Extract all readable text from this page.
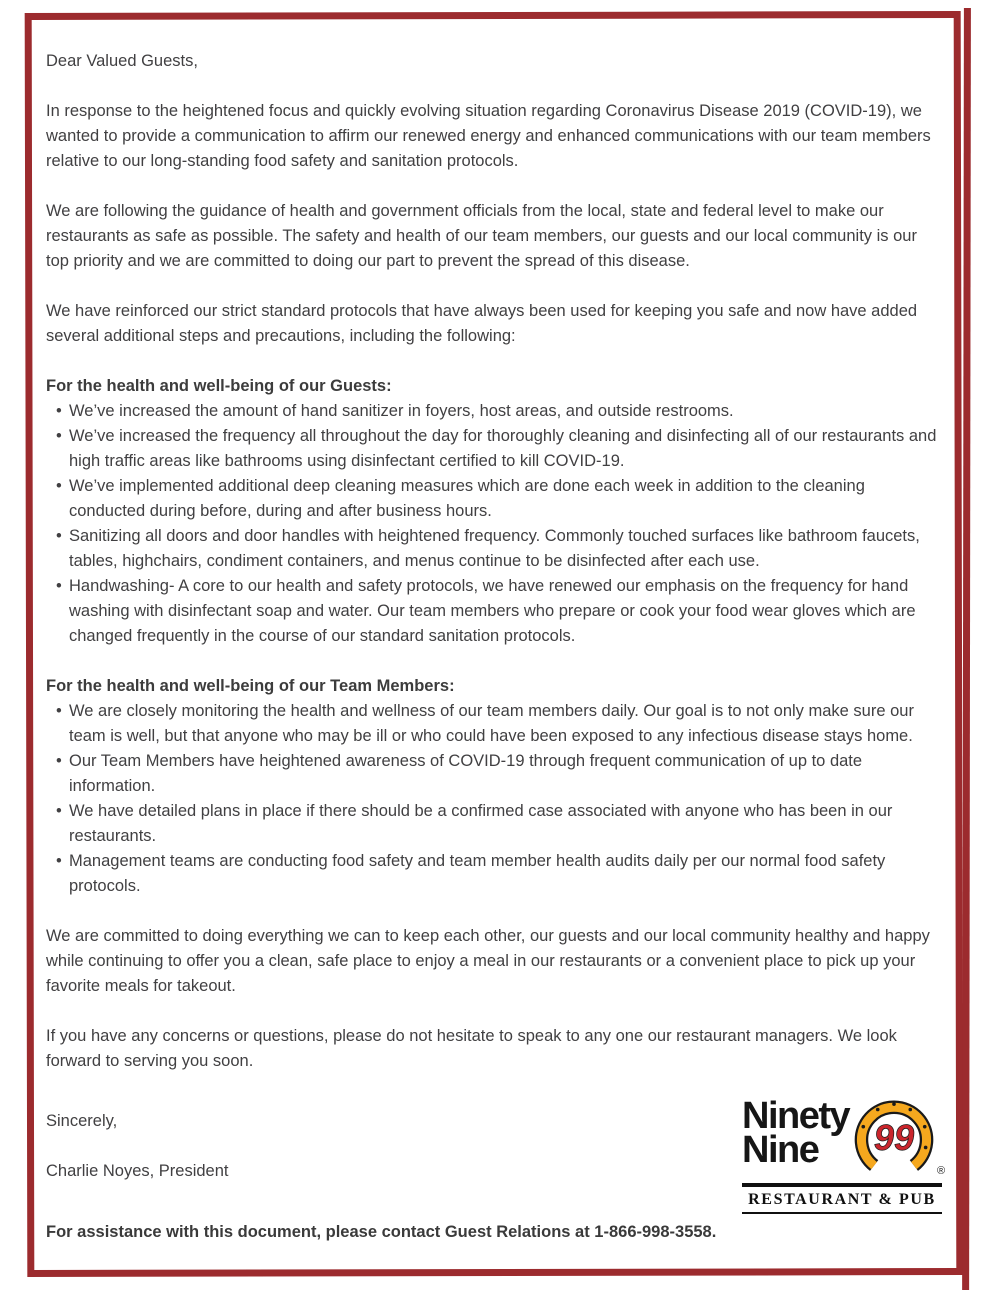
Dear Valued Guests,

In response to the heightened focus and quickly evolving situation regarding Coronavirus Disease 2019 (COVID-19), we wanted to provide a communication to affirm our renewed energy and enhanced communications with our team members relative to our long-standing food safety and sanitation protocols.

We are following the guidance of health and government officials from the local, state and federal level to make our restaurants as safe as possible. The safety and health of our team members, our guests and our local community is our top priority and we are committed to doing our part to prevent the spread of this disease.

We have reinforced our strict standard protocols that have always been used for keeping you safe and now have added several additional steps and precautions, including the following:

For the health and well-being of our Guests:
• We’ve increased the amount of hand sanitizer in foyers, host areas, and outside restrooms.
• We’ve increased the frequency all throughout the day for thoroughly cleaning and disinfecting all of our restaurants and high traffic areas like bathrooms using disinfectant certified to kill COVID-19.
• We’ve implemented additional deep cleaning measures which are done each week in addition to the cleaning conducted during before, during and after business hours.
• Sanitizing all doors and door handles with heightened frequency. Commonly touched surfaces like bathroom faucets, tables, highchairs, condiment containers, and menus continue to be disinfected after each use.
• Handwashing- A core to our health and safety protocols, we have renewed our emphasis on the frequency for hand washing with disinfectant soap and water. Our team members who prepare or cook your food wear gloves which are changed frequently in the course of our standard sanitation protocols.
For the health and well-being of our Team Members:
• We are closely monitoring the health and wellness of our team members daily. Our goal is to not only make sure our team is well, but that anyone who may be ill or who could have been exposed to any infectious disease stays home.
• Our Team Members have heightened awareness of COVID-19 through frequent communication of up to date information.
• We have detailed plans in place if there should be a confirmed case associated with anyone who has been in our restaurants.
• Management teams are conducting food safety and team member health audits daily per our normal food safety protocols.

We are committed to doing everything we can to keep each other, our guests and our local community healthy and happy while continuing to offer you a clean, safe place to enjoy a meal in our restaurants or a convenient place to pick up your favorite meals for takeout.

If you have any concerns or questions, please do not hesitate to speak to any one our restaurant managers. We look forward to serving you soon.

Sincerely,

Charlie Noyes, President

Ninety
Nine	99
®
RESTAURANT & PUB

For assistance with this document, please contact Guest Relations at 1-866-998-3558.
